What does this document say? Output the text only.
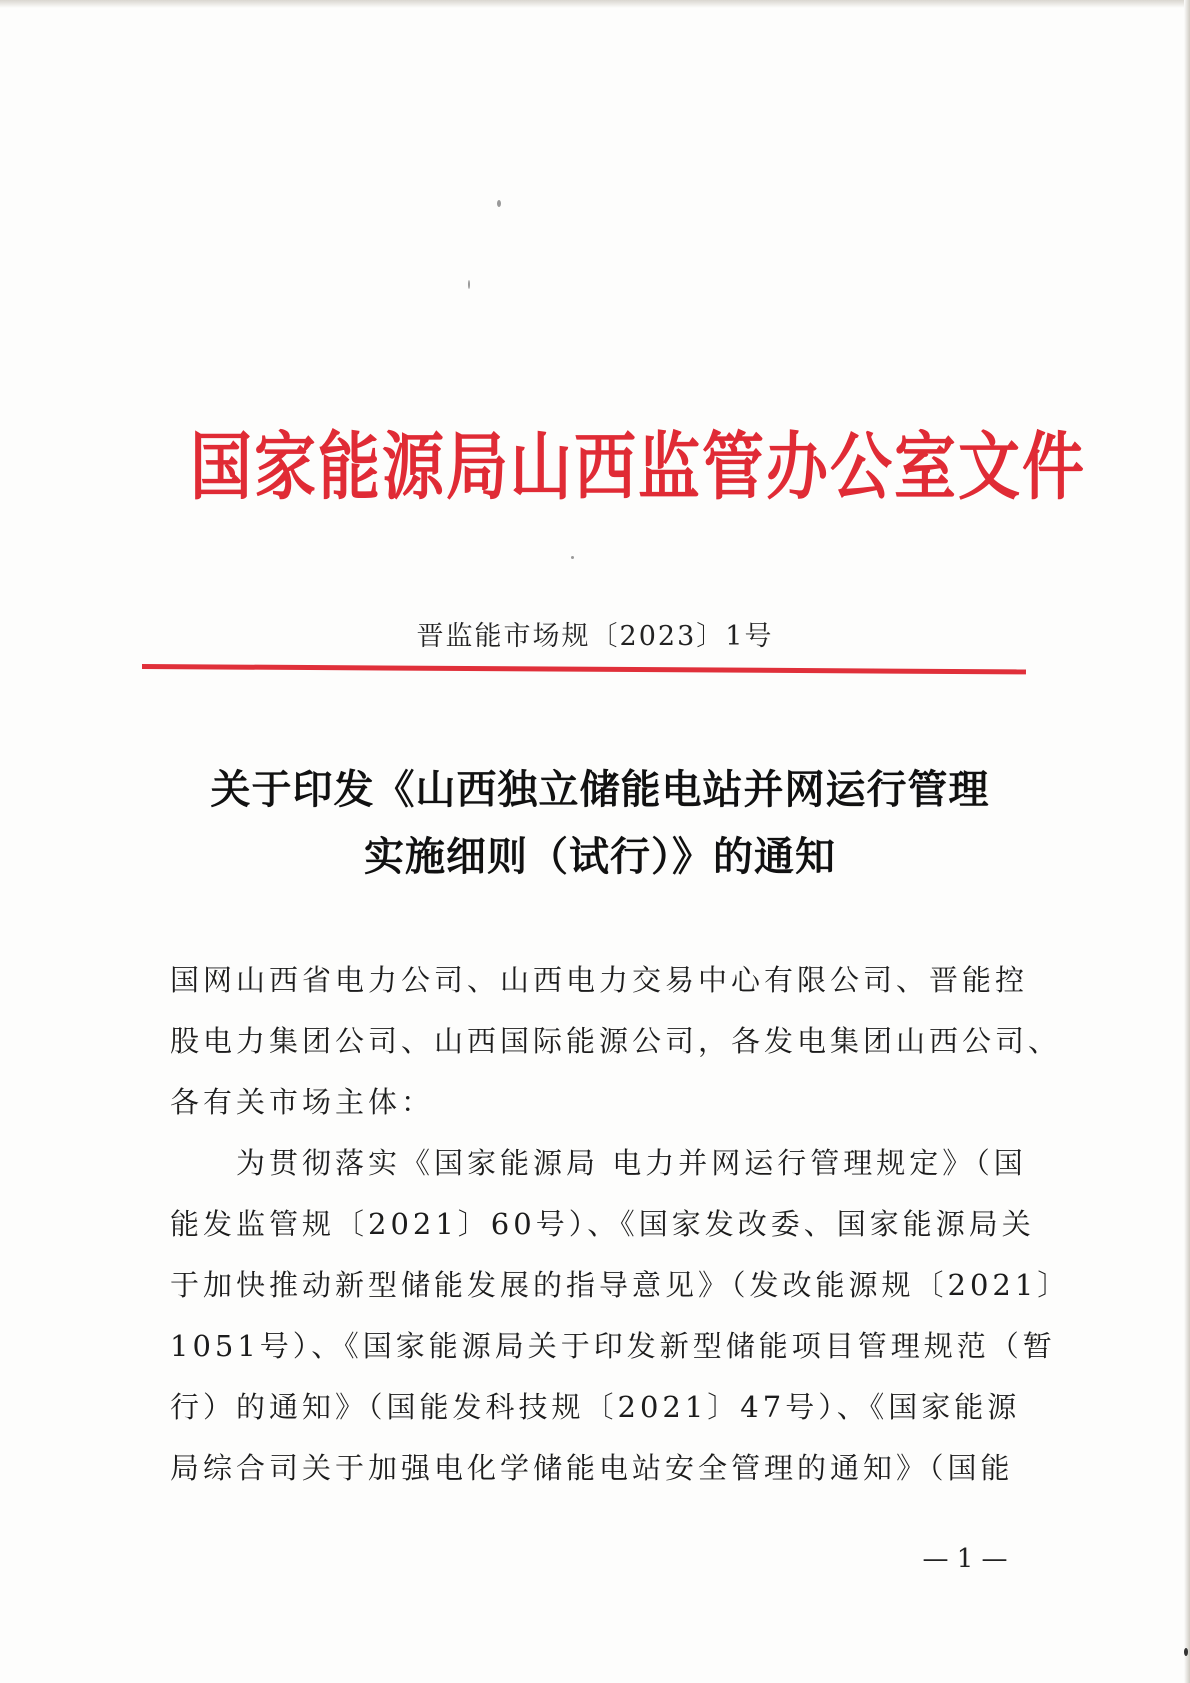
国家能源局山西监管办公室文件
晋监能市场规〔2023〕1号
关于印发《山西独立储能电站并网运行管理
实施细则（试行）》的通知
国网山西省电力公司、山西电力交易中心有限公司、晋能控
股电力集团公司、山西国际能源公司，各发电集团山西公司、
各有关市场主体：
　　为贯彻落实《国家能源局 电力并网运行管理规定》（国
能发监管规〔2021〕60号）、《国家发改委、国家能源局关
于加快推动新型储能发展的指导意见》（发改能源规〔2021〕
1051号）、《国家能源局关于印发新型储能项目管理规范（暂
行）的通知》（国能发科技规〔2021〕47号）、《国家能源
局综合司关于加强电化学储能电站安全管理的通知》（国能
— 1 —
